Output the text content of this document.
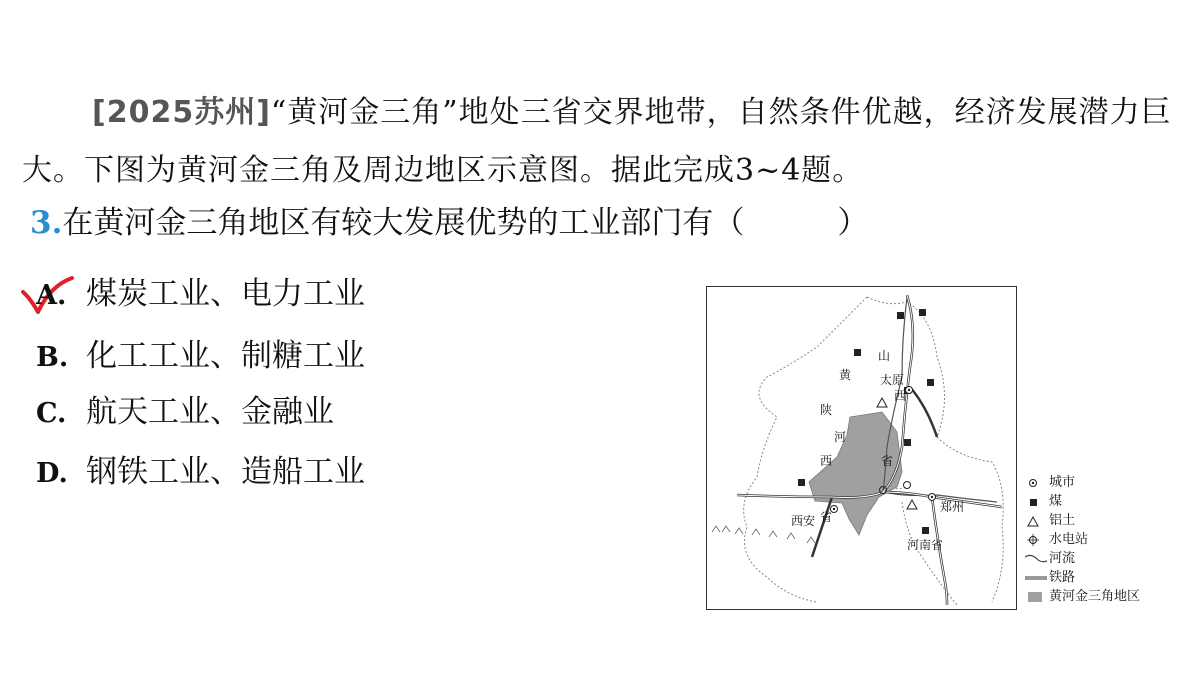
[2025苏州]“黄河金三角”地处三省交界地带，自然条件优越，经济发展潜力巨大。下图为黄河金三角及周边地区示意图。据此完成3~4题。
3.在黄河金三角地区有较大发展优势的工业部门有（　　　）
A. 煤炭工业、电力工业
B. 化工工业、制糖工业
C. 航天工业、金融业
D. 钢铁工业、造船工业
山
太原
西
黄
陕
河
西	省
省
西安
郑州
河南省
城市
煤
铝土
水电站
河流
铁路
黄河金三角地区
